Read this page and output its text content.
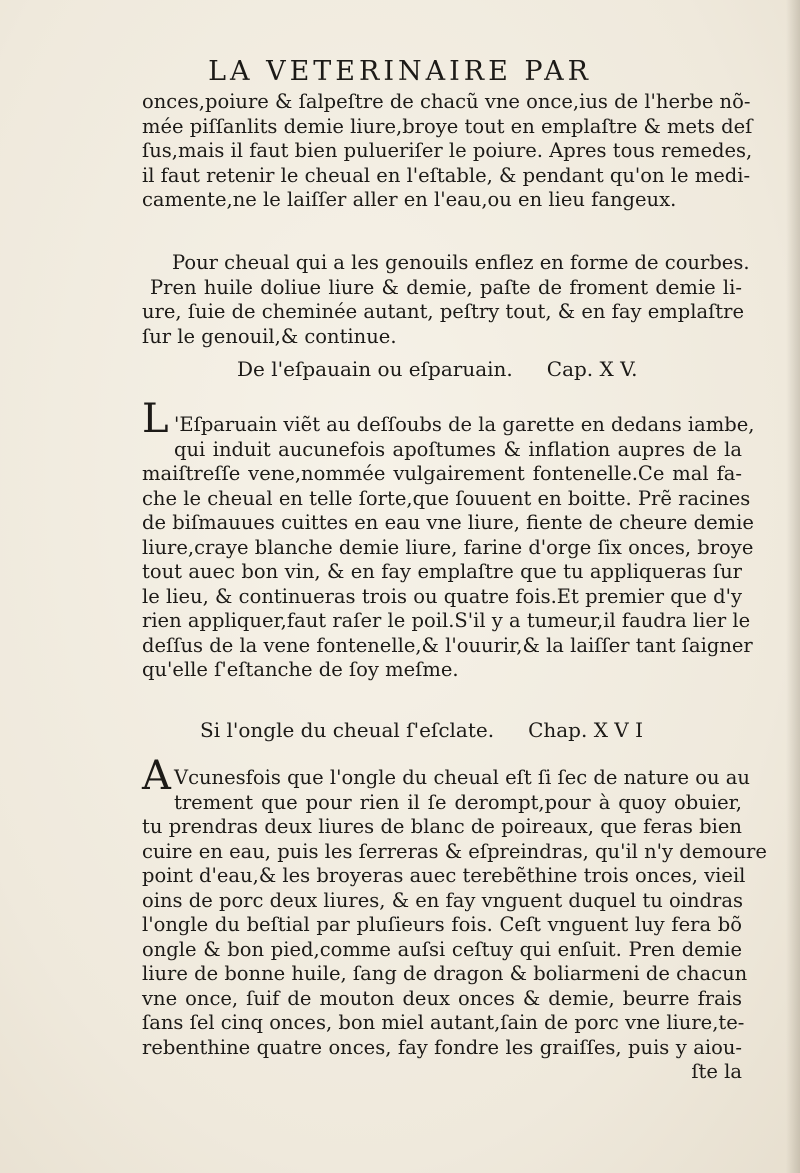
LA VETERINAIRE PAR
onces,poiure & ſalpeſtre de chacũ vne once,ius de l'herbe nõ-
mée piſſanlits demie liure,broye tout en emplaſtre & mets deſ
ſus,mais il faut bien pulueriſer le poiure. Apres tous remedes,
il faut retenir le cheual en l'eſtable, & pendant qu'on le medi-
camente,ne le laiſſer aller en l'eau,ou en lieu fangeux.
Pour cheual qui a les genouils enflez en forme de courbes.
Pren huile doliue liure & demie, paſte de froment demie li-
ure, ſuie de cheminée autant, peſtry tout, & en fay emplaſtre
ſur le genouil,& continue.
De l'eſpauain ou eſparuain. Cap. X V.
L 'Eſparuain viẽt au deſſoubs de la garette en dedans iambe,
qui induit aucunefois apoſtumes & inflation aupres de la
maiſtreſſe vene,nommée vulgairement fontenelle.Ce mal fa-
che le cheual en telle ſorte,que ſouuent en boitte. Prẽ racines
de biſmauues cuittes en eau vne liure, fiente de cheure demie
liure,craye blanche demie liure, farine d'orge ſix onces, broye
tout auec bon vin, & en fay emplaſtre que tu appliqueras ſur
le lieu, & continueras trois ou quatre fois.Et premier que d'y
rien appliquer,faut raſer le poil.S'il y a tumeur,il faudra lier le
deſſus de la vene fontenelle,& l'ouurir,& la laiſſer tant ſaigner
qu'elle ſ'eſtanche de ſoy meſme.
Si l'ongle du cheual ſ'eſclate. Chap. X V I
A Vcunesfois que l'ongle du cheual eſt ſi ſec de nature ou au
trement que pour rien il ſe derompt,pour à quoy obuier,
tu prendras deux liures de blanc de poireaux, que feras bien
cuire en eau, puis les ſerreras & eſpreindras, qu'il n'y demoure
point d'eau,& les broyeras auec terebẽthine trois onces, vieil
oins de porc deux liures, & en fay vnguent duquel tu oindras
l'ongle du beſtial par pluſieurs fois. Ceſt vnguent luy fera bõ
ongle & bon pied,comme auſsi ceſtuy qui enſuit. Pren demie
liure de bonne huile, ſang de dragon & boliarmeni de chacun
vne once, ſuif de mouton deux onces & demie, beurre frais
ſans ſel cinq onces, bon miel autant,ſain de porc vne liure,te-
rebenthine quatre onces, fay fondre les graiſſes, puis y aiou-
ſte la
